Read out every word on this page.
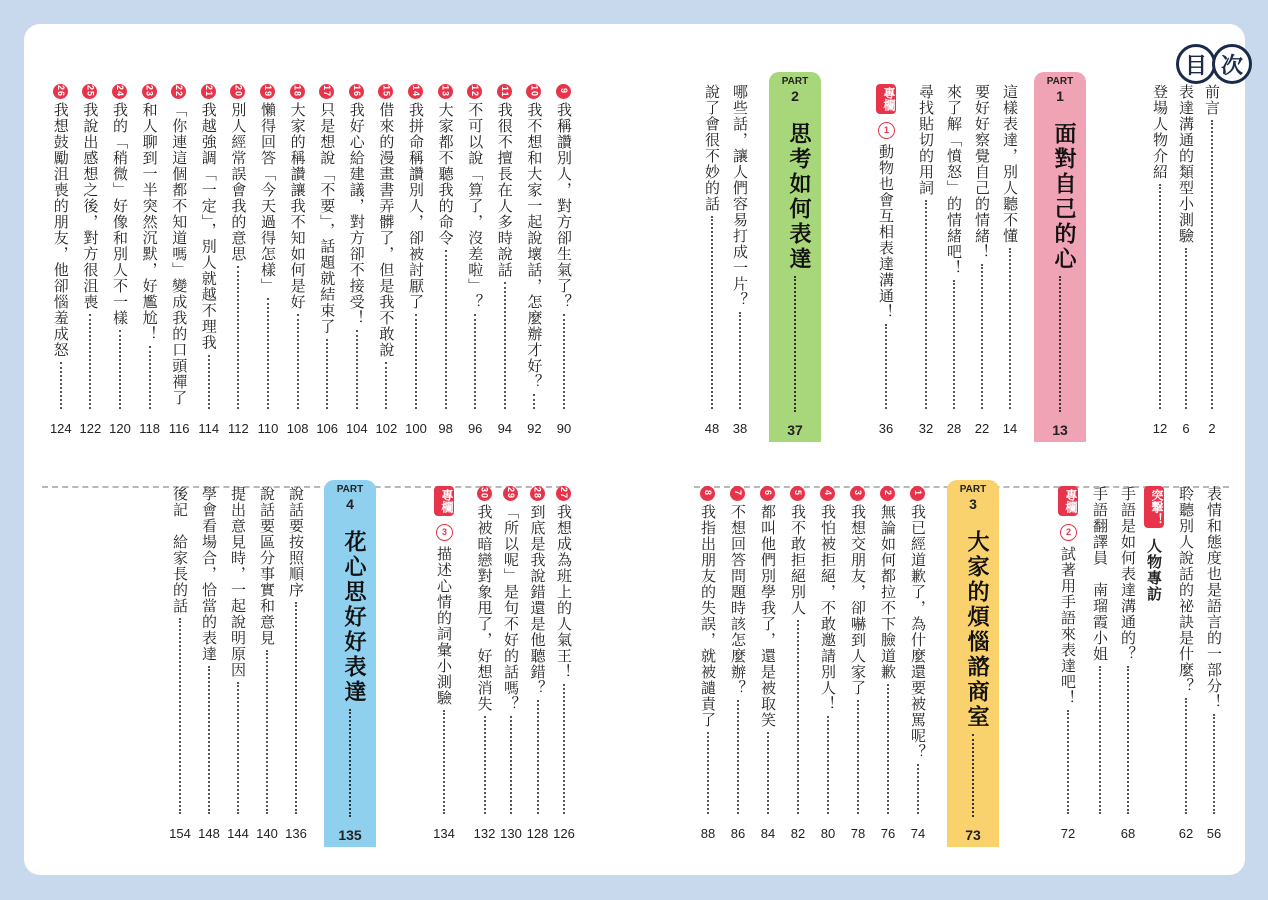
目 次
前言
2
表達溝通的類型小測驗
6
登場人物介紹
12
PART
1
面對自己的心
13
這樣表達，別人聽不懂
14
要好好察覺自己的情緒！
22
來了解「憤怒」的情緒吧！
28
尋找貼切的用詞
32
專欄
1
動物也會互相表達溝通！
36
PART
2
思考如何表達
37
哪些話，讓人們容易打成一片？
38
說了會很不妙的話
48
9我稱讚別人，對方卻生氣了？
90
10我不想和大家一起說壞話，怎麼辦才好？
92
11我很不擅長在人多時說話
94
12不可以說「算了，沒差啦」？
96
13大家都不聽我的命令
98
14我拼命稱讚別人，卻被討厭了
100
15借來的漫畫書弄髒了，但是我不敢說
102
16我好心給建議，對方卻不接受！
104
17只是想說「不要」，話題就結束了
106
18大家的稱讚讓我不知如何是好
108
19懶得回答「今天過得怎樣」
110
20別人經常誤會我的意思
112
21我越強調「一定」，別人就越不理我
114
22「你連這個都不知道嗎」變成我的口頭禪了
116
23和人聊到一半突然沉默，好尷尬！
118
24我的「稍微」好像和別人不一樣
120
25我說出感想之後，對方很沮喪
122
26我想鼓勵沮喪的朋友，他卻惱羞成怒
124
表情和態度也是語言的一部分！
56
聆聽別人說話的祕訣是什麼？
62
突撃！
人物專訪
手語是如何表達溝通的？
68
手語翻譯員　南瑠霞小姐
專欄
2
試著用手語來表達吧！
72
PART
3
大家的煩惱諮商室
73
1我已經道歉了，為什麼還要被罵呢？
74
2無論如何都拉不下臉道歉
76
3我想交朋友，卻嚇到人家了
78
4我怕被拒絕，不敢邀請別人！
80
5我不敢拒絕別人
82
6都叫他們別學我了，還是被取笑
84
7不想回答問題時該怎麼辦？
86
8我指出朋友的失誤，就被譴責了
88
27我想成為班上的人氣王！
126
28到底是我說錯還是他聽錯？
128
29「所以呢」是句不好的話嗎？
130
30我被暗戀對象甩了，好想消失
132
專欄
3
描述心情的詞彙小測驗
134
PART
4
花心思好好表達
135
說話要按照順序
136
說話要區分事實和意見
140
提出意見時，一起說明原因
144
學會看場合，恰當的表達
148
後記　給家長的話
154
